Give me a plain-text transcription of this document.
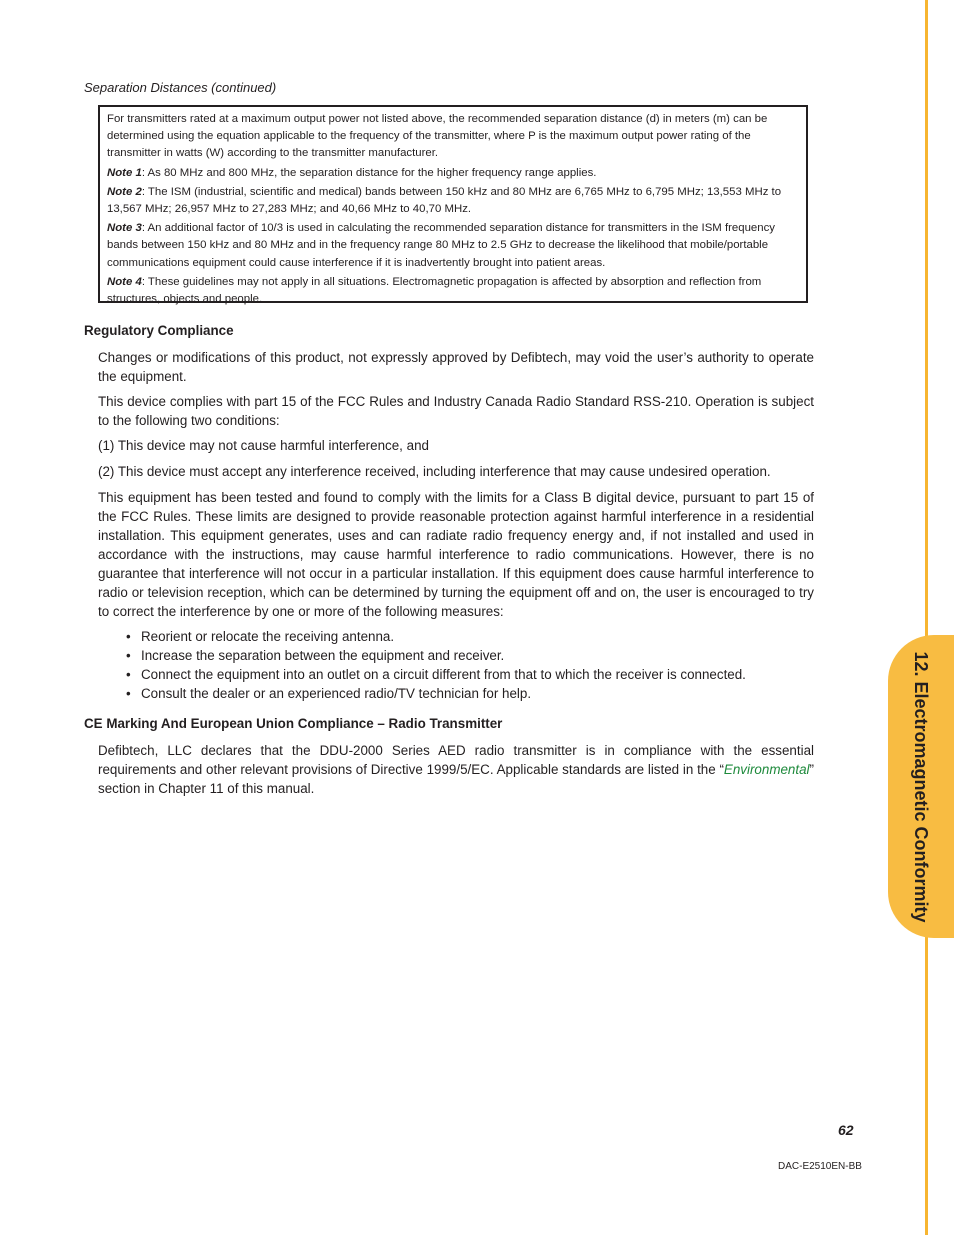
12. Electromagnetic Conformity
Separation Distances (continued)

For transmitters rated at a maximum output power not listed above, the recommended separation distance (d) in meters (m) can be determined using the equation applicable to the frequency of the transmitter, where P is the maximum output power rating of the transmitter in watts (W) according to the transmitter manufacturer.

Note 1: As 80 MHz and 800 MHz, the separation distance for the higher frequency range applies.

Note 2: The ISM (industrial, scientific and medical) bands between 150 kHz and 80 MHz are 6,765 MHz to 6,795 MHz; 13,553 MHz to 13,567 MHz; 26,957 MHz to 27,283 MHz; and 40,66 MHz to 40,70 MHz.

Note 3: An additional factor of 10/3 is used in calculating the recommended separation distance for transmitters in the ISM frequency bands between 150 kHz and 80 MHz and in the frequency range 80 MHz to 2.5 GHz to decrease the likelihood that mobile/portable communications equipment could cause interference if it is inadvertently brought into patient areas.

Note 4: These guidelines may not apply in all situations. Electromagnetic propagation is affected by absorption and reflection from structures, objects and people.

Regulatory Compliance

Changes or modifications of this product, not expressly approved by Defibtech, may void the user’s authority to operate the equipment.

This device complies with part 15 of the FCC Rules and Industry Canada Radio Standard RSS-210. Operation is subject to the following two conditions:

(1) This device may not cause harmful interference, and

(2) This device must accept any interference received, including interference that may cause undesired operation.

This equipment has been tested and found to comply with the limits for a Class B digital device, pursuant to part 15 of the FCC Rules. These limits are designed to provide reasonable protection against harmful interference in a residential installation. This equipment generates, uses and can radiate radio frequency energy and, if not installed and used in accordance with the instructions, may cause harmful interference to radio communications. However, there is no guarantee that interference will not occur in a particular installation. If this equipment does cause harmful interference to radio or television reception, which can be determined by turning the equipment off and on, the user is encouraged to try to correct the interference by one or more of the following measures:

• Reorient or relocate the receiving antenna.
• Increase the separation between the equipment and receiver.
• Connect the equipment into an outlet on a circuit different from that to which the receiver is connected.
• Consult the dealer or an experienced radio/TV technician for help.
CE Marking And European Union Compliance – Radio Transmitter

Defibtech, LLC declares that the DDU-2000 Series AED radio transmitter is in compliance with the essential requirements and other relevant provisions of Directive 1999/5/EC. Applicable standards are listed in the “Environmental” section in Chapter 11 of this manual.

62
DAC-E2510EN-BB
